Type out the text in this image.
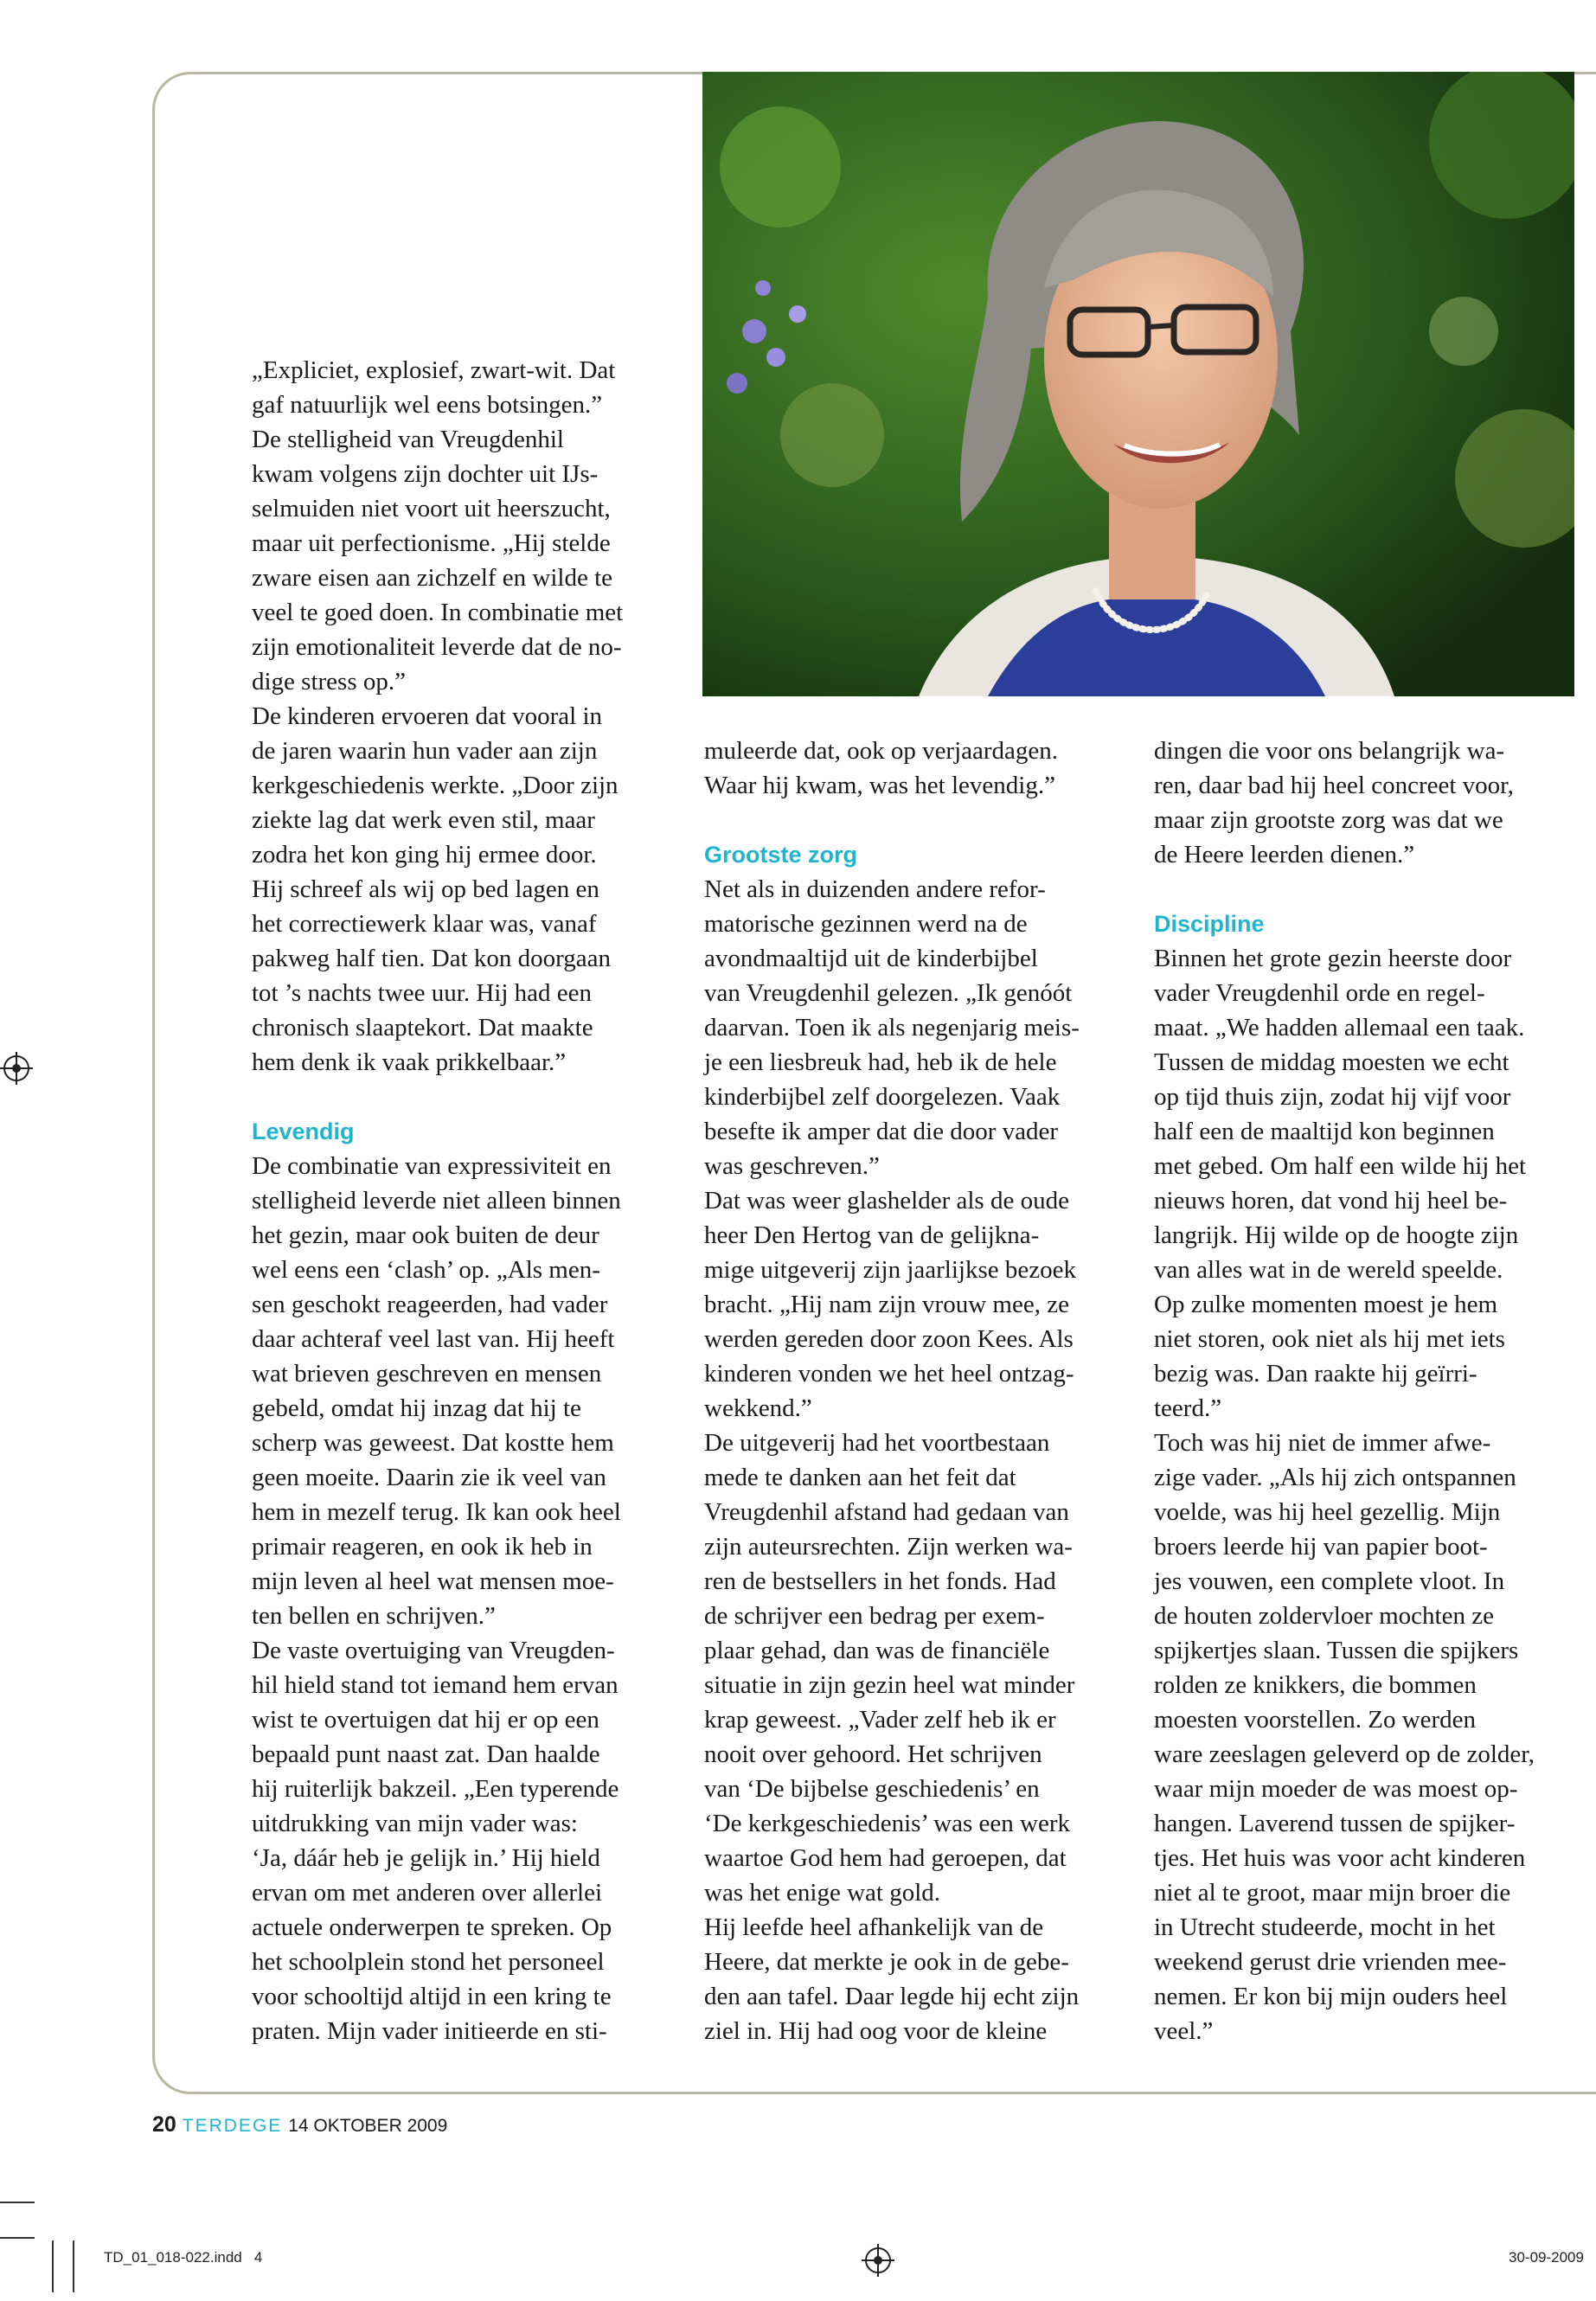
„Expliciet, explosief, zwart-wit. Dat

gaf natuurlijk wel eens botsingen.”

De stelligheid van Vreugdenhil

kwam volgens zijn dochter uit IJs-

selmuiden niet voort uit heerszucht,

maar uit perfectionisme. „Hij stelde

zware eisen aan zichzelf en wilde te

veel te goed doen. In combinatie met

zijn emotionaliteit leverde dat de no-

dige stress op.”

De kinderen ervoeren dat vooral in

de jaren waarin hun vader aan zijn

kerkgeschiedenis werkte. „Door zijn

ziekte lag dat werk even stil, maar

zodra het kon ging hij ermee door.

Hij schreef als wij op bed lagen en

het correctiewerk klaar was, vanaf

pakweg half tien. Dat kon doorgaan

tot ’s nachts twee uur. Hij had een

chronisch slaaptekort. Dat maakte

hem denk ik vaak prikkelbaar.”

Levendig

De combinatie van expressiviteit en

stelligheid leverde niet alleen binnen

het gezin, maar ook buiten de deur

wel eens een ‘clash’ op. „Als men-

sen geschokt reageerden, had vader

daar achteraf veel last van. Hij heeft

wat brieven geschreven en mensen

gebeld, omdat hij inzag dat hij te

scherp was geweest. Dat kostte hem

geen moeite. Daarin zie ik veel van

hem in mezelf terug. Ik kan ook heel

primair reageren, en ook ik heb in

mijn leven al heel wat mensen moe-

ten bellen en schrijven.”

De vaste overtuiging van Vreugden-

hil hield stand tot iemand hem ervan

wist te overtuigen dat hij er op een

bepaald punt naast zat. Dan haalde

hij ruiterlijk bakzeil. „Een typerende

uitdrukking van mijn vader was:

‘Ja, dáár heb je gelijk in.’ Hij hield

ervan om met anderen over allerlei

actuele onderwerpen te spreken. Op

het schoolplein stond het personeel

voor schooltijd altijd in een kring te

praten. Mijn vader initieerde en sti-

muleerde dat, ook op verjaardagen.

Waar hij kwam, was het levendig.”

Grootste zorg

Net als in duizenden andere refor-

matorische gezinnen werd na de

avondmaaltijd uit de kinderbijbel

van Vreugdenhil gelezen. „Ik genóót

daarvan. Toen ik als negenjarig meis-

je een liesbreuk had, heb ik de hele

kinderbijbel zelf doorgelezen. Vaak

besefte ik amper dat die door vader

was geschreven.”

Dat was weer glashelder als de oude

heer Den Hertog van de gelijkna-

mige uitgeverij zijn jaarlijkse bezoek

bracht. „Hij nam zijn vrouw mee, ze

werden gereden door zoon Kees. Als

kinderen vonden we het heel ontzag-

wekkend.”

De uitgeverij had het voortbestaan

mede te danken aan het feit dat

Vreugdenhil afstand had gedaan van

zijn auteursrechten. Zijn werken wa-

ren de bestsellers in het fonds. Had

de schrijver een bedrag per exem-

plaar gehad, dan was de financiële

situatie in zijn gezin heel wat minder

krap geweest. „Vader zelf heb ik er

nooit over gehoord. Het schrijven

van ‘De bijbelse geschiedenis’ en

‘De kerkgeschiedenis’ was een werk

waartoe God hem had geroepen, dat

was het enige wat gold.

Hij leefde heel afhankelijk van de

Heere, dat merkte je ook in de gebe-

den aan tafel. Daar legde hij echt zijn

ziel in. Hij had oog voor de kleine

dingen die voor ons belangrijk wa-

ren, daar bad hij heel concreet voor,

maar zijn grootste zorg was dat we

de Heere leerden dienen.”

Discipline

Binnen het grote gezin heerste door

vader Vreugdenhil orde en regel-

maat. „We hadden allemaal een taak.

Tussen de middag moesten we echt

op tijd thuis zijn, zodat hij vijf voor

half een de maaltijd kon beginnen

met gebed. Om half een wilde hij het

nieuws horen, dat vond hij heel be-

langrijk. Hij wilde op de hoogte zijn

van alles wat in de wereld speelde.

Op zulke momenten moest je hem

niet storen, ook niet als hij met iets

bezig was. Dan raakte hij geïrri-

teerd.”

Toch was hij niet de immer afwe-

zige vader. „Als hij zich ontspannen

voelde, was hij heel gezellig. Mijn

broers leerde hij van papier boot-

jes vouwen, een complete vloot. In

de houten zoldervloer mochten ze

spijkertjes slaan. Tussen die spijkers

rolden ze knikkers, die bommen

moesten voorstellen. Zo werden

ware zeeslagen geleverd op de zolder,

waar mijn moeder de was moest op-

hangen. Laverend tussen de spijker-

tjes. Het huis was voor acht kinderen

niet al te groot, maar mijn broer die

in Utrecht studeerde, mocht in het

weekend gerust drie vrienden mee-

nemen. Er kon bij mijn ouders heel

veel.”

20 TERDEGE 14 OKTOBER 2009
TD_01_018-022.indd   4	30-09-2009
